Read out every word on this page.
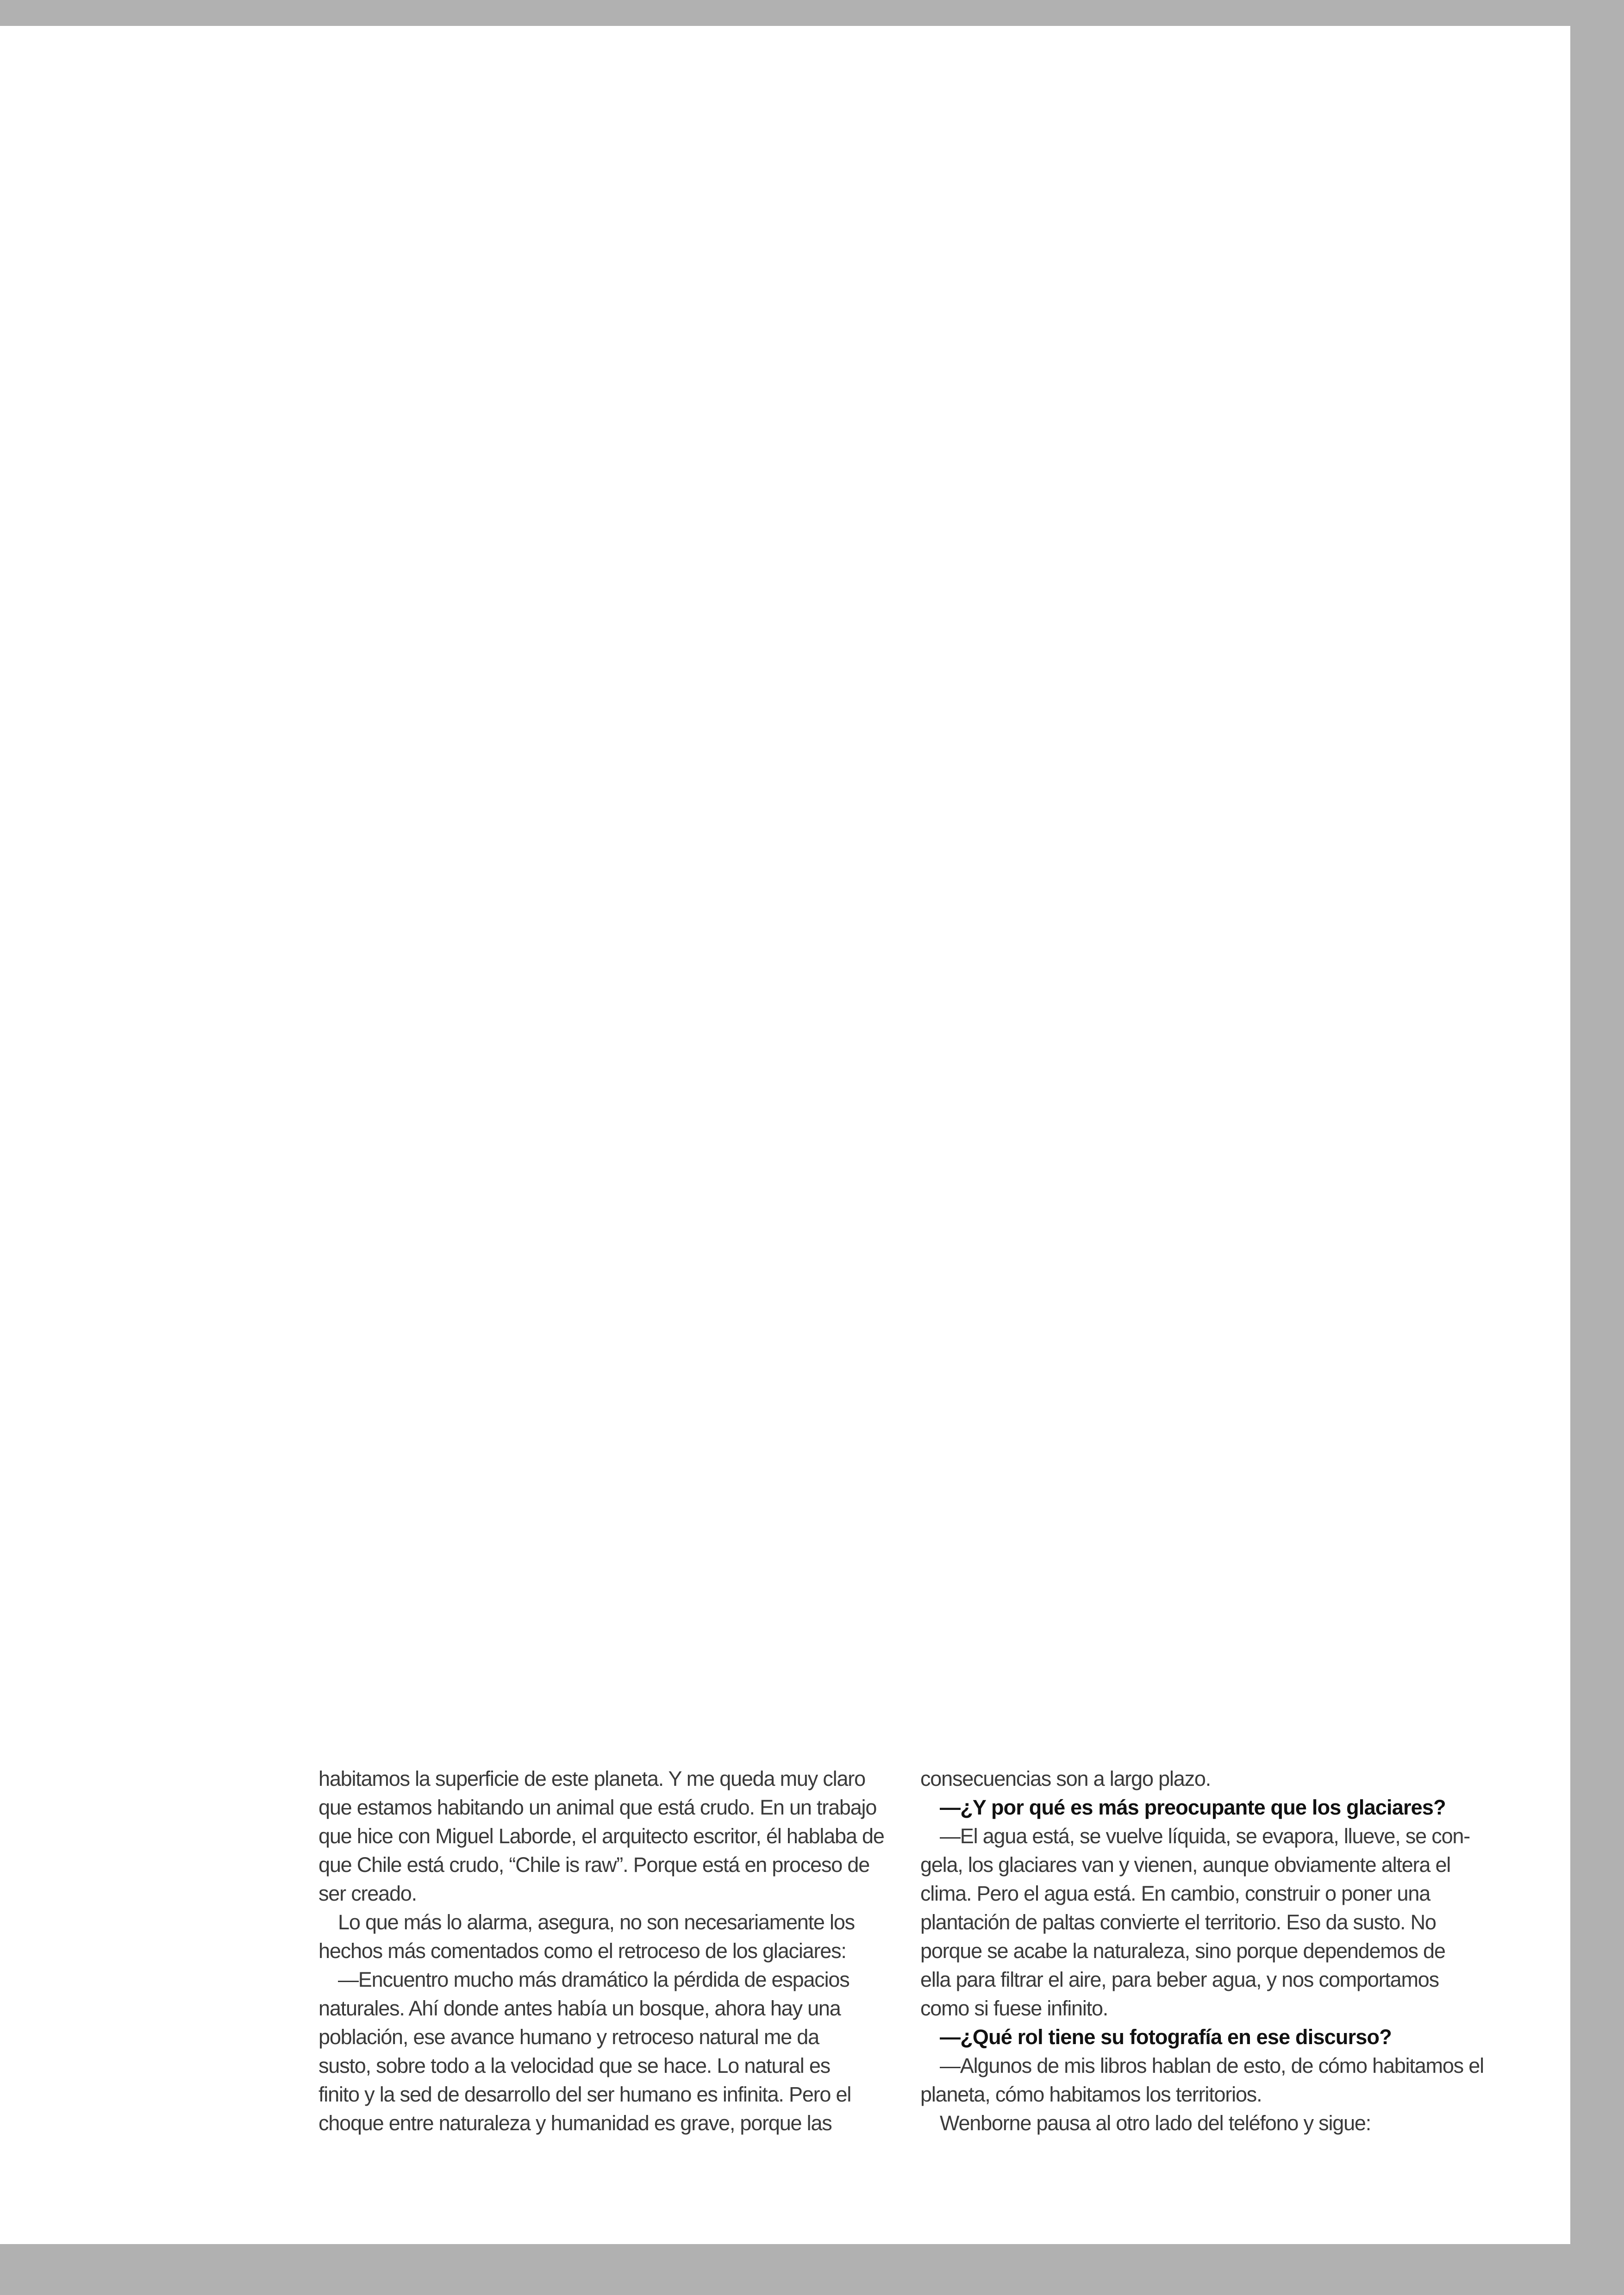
habitamos la superficie de este planeta. Y me queda muy claro
que estamos habitando un animal que está crudo. En un trabajo
que hice con Miguel Laborde, el arquitecto escritor, él hablaba de
que Chile está crudo, “Chile is raw”. Porque está en proceso de
ser creado.
Lo que más lo alarma, asegura, no son necesariamente los
hechos más comentados como el retroceso de los glaciares:
—Encuentro mucho más dramático la pérdida de espacios
naturales. Ahí donde antes había un bosque, ahora hay una
población, ese avance humano y retroceso natural me da
susto, sobre todo a la velocidad que se hace. Lo natural es
finito y la sed de desarrollo del ser humano es infinita. Pero el
choque entre naturaleza y humanidad es grave, porque las
consecuencias son a largo plazo.
—¿Y por qué es más preocupante que los glaciares?
—El agua está, se vuelve líquida, se evapora, llueve, se con-
gela, los glaciares van y vienen, aunque obviamente altera el
clima. Pero el agua está. En cambio, construir o poner una
plantación de paltas convierte el territorio. Eso da susto. No
porque se acabe la naturaleza, sino porque dependemos de
ella para filtrar el aire, para beber agua, y nos comportamos
como si fuese infinito.
—¿Qué rol tiene su fotografía en ese discurso?
—Algunos de mis libros hablan de esto, de cómo habitamos el
planeta, cómo habitamos los territorios.
Wenborne pausa al otro lado del teléfono y sigue:
